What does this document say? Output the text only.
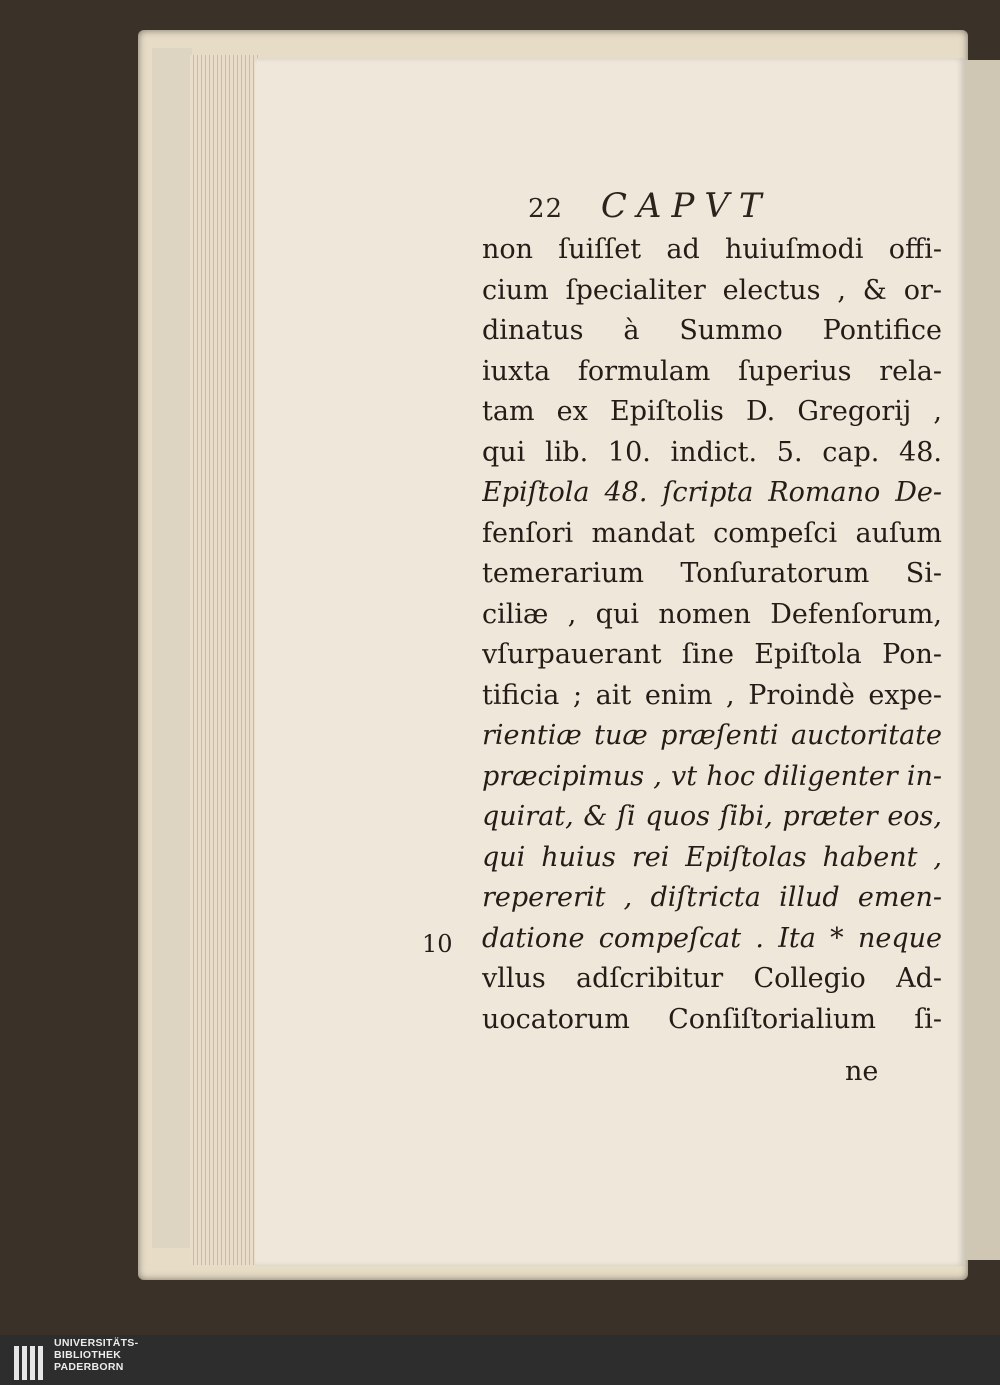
22 CAPVT
non ſuiſſet ad huiuſmodi offi-
cium ſpecialiter electus , & or-
dinatus à Summo Pontifice
iuxta formulam ſuperius rela-
tam ex Epiſtolis D. Gregorij ,
qui lib. 10. indict. 5. cap. 48.
Epiſtola 48. ſcripta Romano De-
fenſori mandat compeſci auſum
temerarium Tonſuratorum Si-
ciliæ , qui nomen Defenſorum,
vſurpauerant ſine Epiſtola Pon-
tificia ; ait enim , Proindè expe-
rientiæ tuæ præſenti auctoritate
præcipimus , vt hoc diligenter in-
quirat, & ſi quos ſibi, præter eos,
qui huius rei Epiſtolas habent ,
repererit , diſtricta illud emen-
datione compeſcat . Ita * neque
vllus adſcribitur Collegio Ad-
uocatorum Conſiſtorialium ſi-
10
ne
UNIVERSITÄTS-
BIBLIOTHEK
PADERBORN
